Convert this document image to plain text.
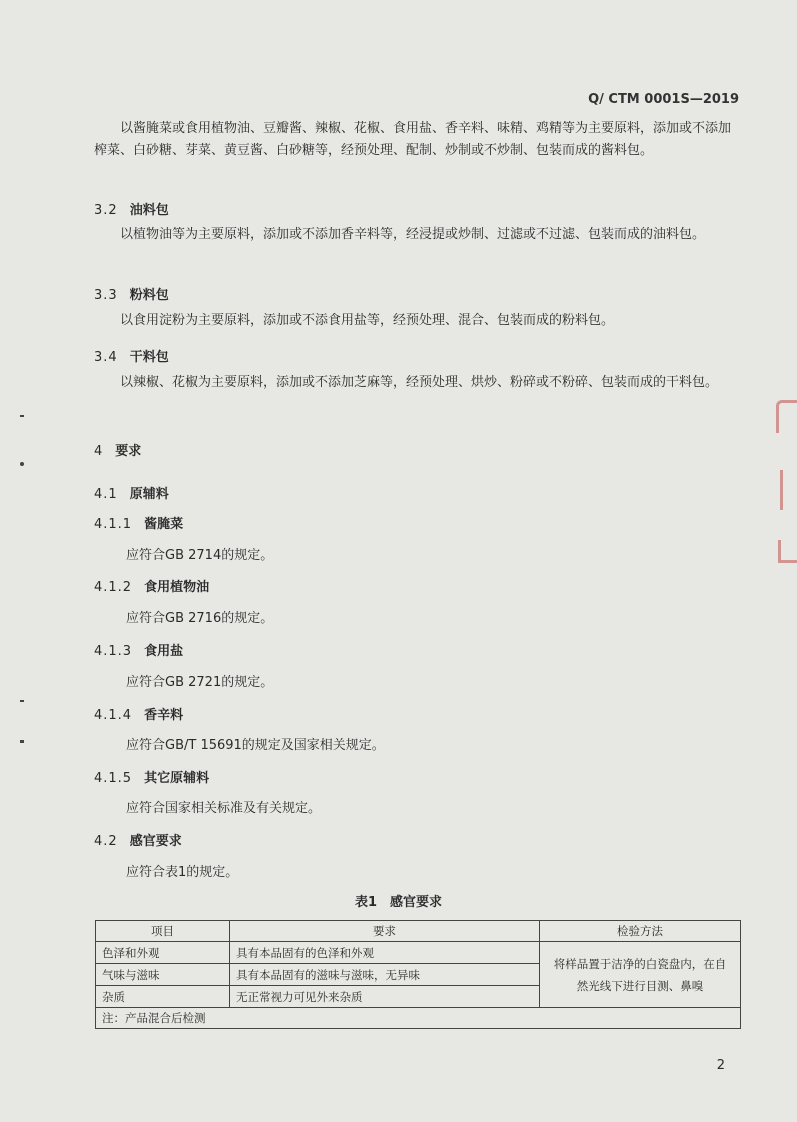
Q/ CTM 0001S—2019
以酱腌菜或食用植物油、豆瓣酱、辣椒、花椒、食用盐、香辛料、味精、鸡精等为主要原料，添加或不添加榨菜、白砂糖、芽菜、黄豆酱、白砂糖等，经预处理、配制、炒制或不炒制、包装而成的酱料包。
3.2 油料包
以植物油等为主要原料，添加或不添加香辛料等，经浸提或炒制、过滤或不过滤、包装而成的油料包。
3.3 粉料包
以食用淀粉为主要原料，添加或不添食用盐等，经预处理、混合、包装而成的粉料包。
3.4 干料包
以辣椒、花椒为主要原料，添加或不添加芝麻等，经预处理、烘炒、粉碎或不粉碎、包装而成的干料包。
4 要求
4.1 原辅料
4.1.1 酱腌菜
应符合GB 2714的规定。
4.1.2 食用植物油
应符合GB 2716的规定。
4.1.3 食用盐
应符合GB 2721的规定。
4.1.4 香辛料
应符合GB/T 15691的规定及国家相关规定。
4.1.5 其它原辅料
应符合国家相关标准及有关规定。
4.2 感官要求
应符合表1的规定。
表1　感官要求
项目	要求	检验方法
色泽和外观	具有本品固有的色泽和外观	将样品置于洁净的白瓷盘内，在自然光线下进行目测、鼻嗅
气味与滋味	具有本品固有的滋味与滋味，无异味	
杂质	无正常视力可见外来杂质	
注：产品混合后检测		
2
